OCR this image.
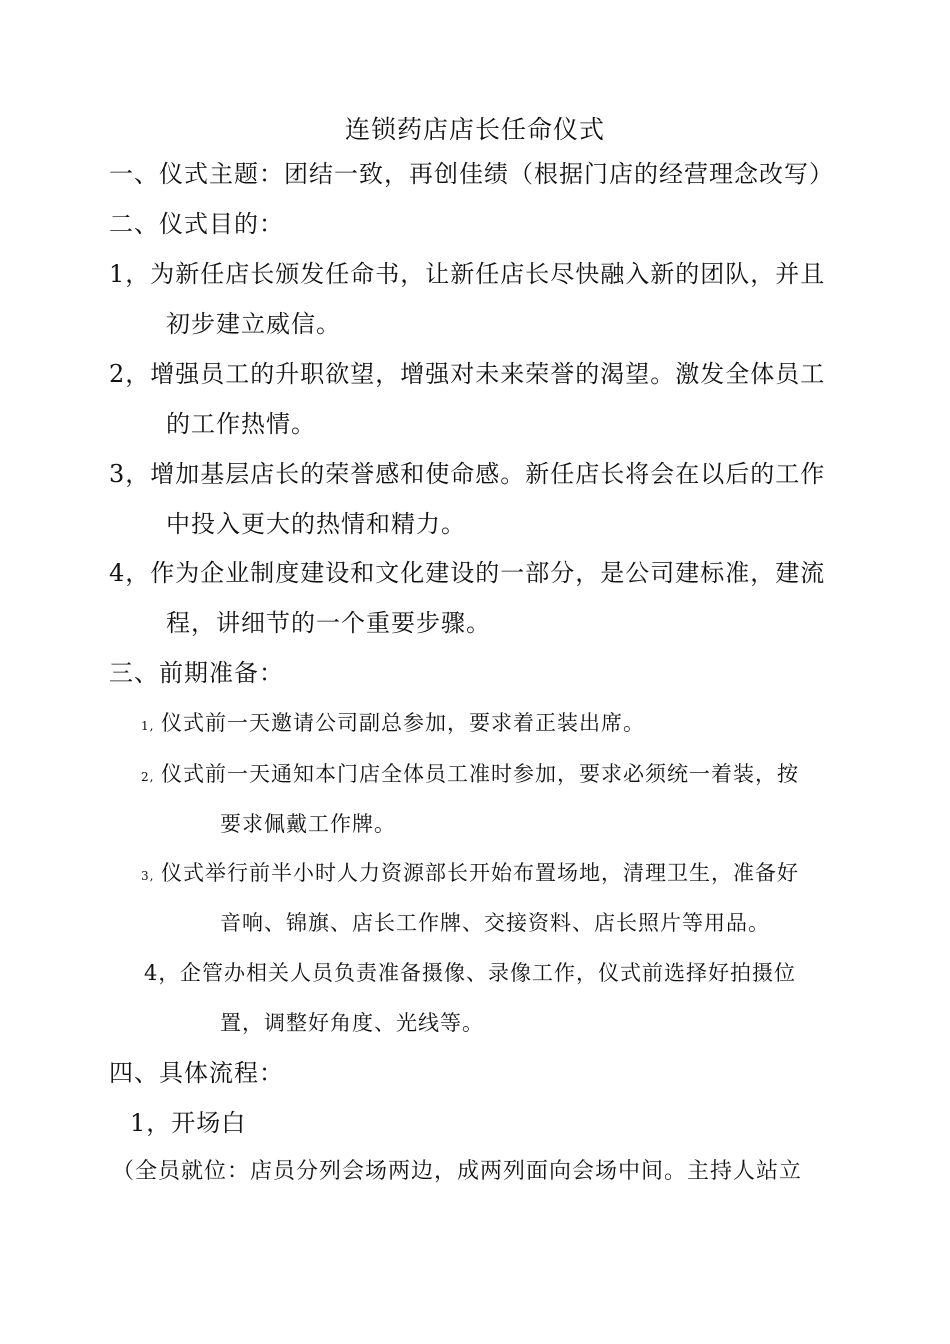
连锁药店店长任命仪式
一、仪式主题：团结一致，再创佳绩（根据门店的经营理念改写）
二、仪式目的：
1，为新任店长颁发任命书，让新任店长尽快融入新的团队，并且
初步建立威信。
2，增强员工的升职欲望，增强对未来荣誉的渴望。激发全体员工
的工作热情。
3，增加基层店长的荣誉感和使命感。新任店长将会在以后的工作
中投入更大的热情和精力。
4，作为企业制度建设和文化建设的一部分，是公司建标准，建流
程，讲细节的一个重要步骤。
三、前期准备：
1, 仪式前一天邀请公司副总参加，要求着正装出席。
2, 仪式前一天通知本门店全体员工准时参加，要求必须统一着装，按
要求佩戴工作牌。
3, 仪式举行前半小时人力资源部长开始布置场地，清理卫生，准备好
音响、锦旗、店长工作牌、交接资料、店长照片等用品。
4，企管办相关人员负责准备摄像、录像工作，仪式前选择好拍摄位
置，调整好角度、光线等。
四、具体流程：
1，开场白
（全员就位：店员分列会场两边，成两列面向会场中间。主持人站立
